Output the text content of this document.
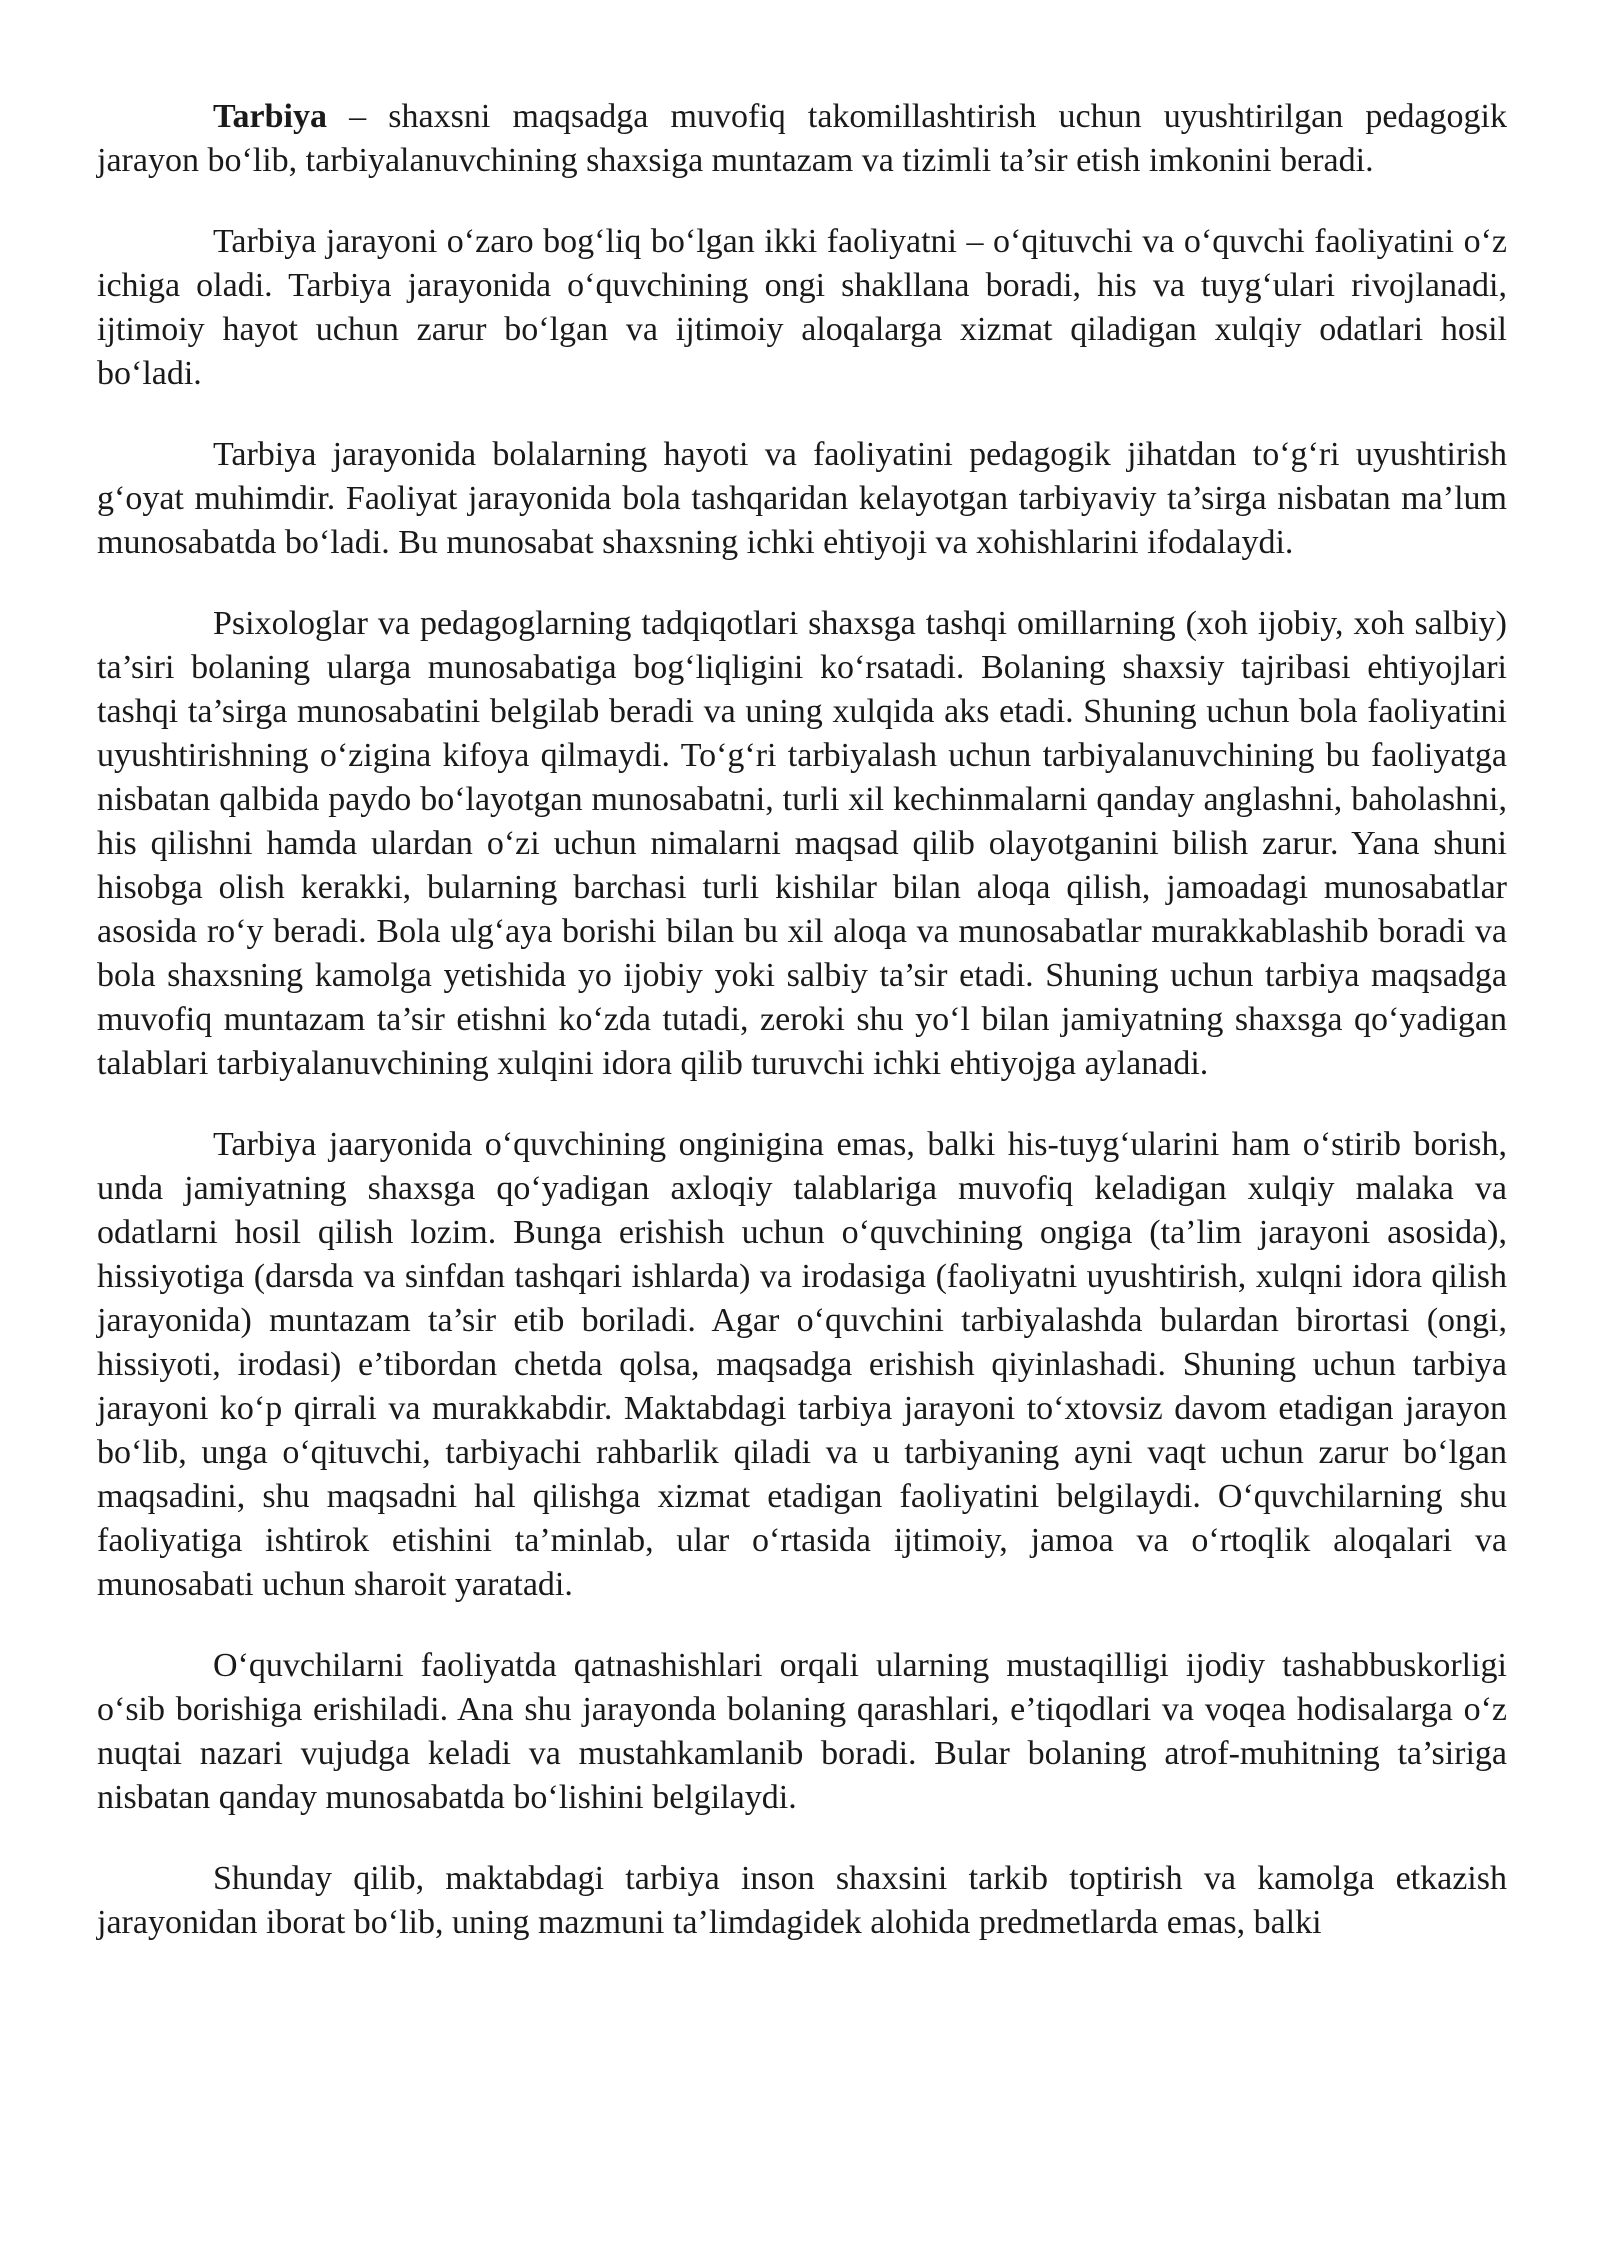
Tarbiya – shaxsni maqsadga muvofiq takomillashtirish uchun uyushtirilgan pedagogik jarayon bo‘lib, tarbiyalanuvchining shaxsiga muntazam va tizimli ta’sir etish imkonini beradi.

Tarbiya jarayoni o‘zaro bog‘liq bo‘lgan ikki faoliyatni – o‘qituvchi va o‘quvchi faoliyatini o‘z ichiga oladi. Tarbiya jarayonida o‘quvchining ongi shakllana boradi, his va tuyg‘ulari rivojlanadi, ijtimoiy hayot uchun zarur bo‘lgan va ijtimoiy aloqalarga xizmat qiladigan xulqiy odatlari hosil bo‘ladi.

Tarbiya jarayonida bolalarning hayoti va faoliyatini pedagogik jihatdan to‘g‘ri uyushtirish g‘oyat muhimdir. Faoliyat jarayonida bola tashqaridan kelayotgan tarbiyaviy ta’sirga nisbatan ma’lum munosabatda bo‘ladi. Bu munosabat shaxsning ichki ehtiyoji va xohishlarini ifodalaydi.

Psixologlar va pedagoglarning tadqiqotlari shaxsga tashqi omillarning (xoh ijobiy, xoh salbiy) ta’siri bolaning ularga munosabatiga bog‘liqligini ko‘rsatadi. Bolaning shaxsiy tajribasi ehtiyojlari tashqi ta’sirga munosabatini belgilab beradi va uning xulqida aks etadi. Shuning uchun bola faoliyatini uyushtirishning o‘zigina kifoya qilmaydi. To‘g‘ri tarbiyalash uchun tarbiyalanuvchining bu faoliyatga nisbatan qalbida paydo bo‘layotgan munosabatni, turli xil kechinmalarni qanday anglashni, baholashni, his qilishni hamda ulardan o‘zi uchun nimalarni maqsad qilib olayotganini bilish zarur. Yana shuni hisobga olish kerakki, bularning barchasi turli kishilar bilan aloqa qilish, jamoadagi munosabatlar asosida ro‘y beradi. Bola ulg‘aya borishi bilan bu xil aloqa va munosabatlar murakkablashib boradi va bola shaxsning kamolga yetishida yo ijobiy yoki salbiy ta’sir etadi. Shuning uchun tarbiya maqsadga muvofiq muntazam ta’sir etishni ko‘zda tutadi, zeroki shu yo‘l bilan jamiyatning shaxsga qo‘yadigan talablari tarbiyalanuvchining xulqini idora qilib turuvchi ichki ehtiyojga aylanadi.

Tarbiya jaaryonida o‘quvchining onginigina emas, balki his-tuyg‘ularini ham o‘stirib borish, unda jamiyatning shaxsga qo‘yadigan axloqiy talablariga muvofiq keladigan xulqiy malaka va odatlarni hosil qilish lozim. Bunga erishish uchun o‘quvchining ongiga (ta’lim jarayoni asosida), hissiyotiga (darsda va sinfdan tashqari ishlarda) va irodasiga (faoliyatni uyushtirish, xulqni idora qilish jarayonida) muntazam ta’sir etib boriladi. Agar o‘quvchini tarbiyalashda bulardan birortasi (ongi, hissiyoti, irodasi) e’tibordan chetda qolsa, maqsadga erishish qiyinlashadi. Shuning uchun tarbiya jarayoni ko‘p qirrali va murakkabdir. Maktabdagi tarbiya jarayoni to‘xtovsiz davom etadigan jarayon bo‘lib, unga o‘qituvchi, tarbiyachi rahbarlik qiladi va u tarbiyaning ayni vaqt uchun zarur bo‘lgan maqsadini, shu maqsadni hal qilishga xizmat etadigan faoliyatini belgilaydi. O‘quvchilarning shu faoliyatiga ishtirok etishini ta’minlab, ular o‘rtasida ijtimoiy, jamoa va o‘rtoqlik aloqalari va munosabati uchun sharoit yaratadi.

O‘quvchilarni faoliyatda qatnashishlari orqali ularning mustaqilligi ijodiy tashabbuskorligi o‘sib borishiga erishiladi. Ana shu jarayonda bolaning qarashlari, e’tiqodlari va voqea hodisalarga o‘z nuqtai nazari vujudga keladi va mustahkamlanib boradi. Bular bolaning atrof-muhitning ta’siriga nisbatan qanday munosabatda bo‘lishini belgilaydi.

Shunday qilib, maktabdagi tarbiya inson shaxsini tarkib toptirish va kamolga etkazish jarayonidan iborat bo‘lib, uning mazmuni ta’limdagidek alohida predmetlarda emas, balki
